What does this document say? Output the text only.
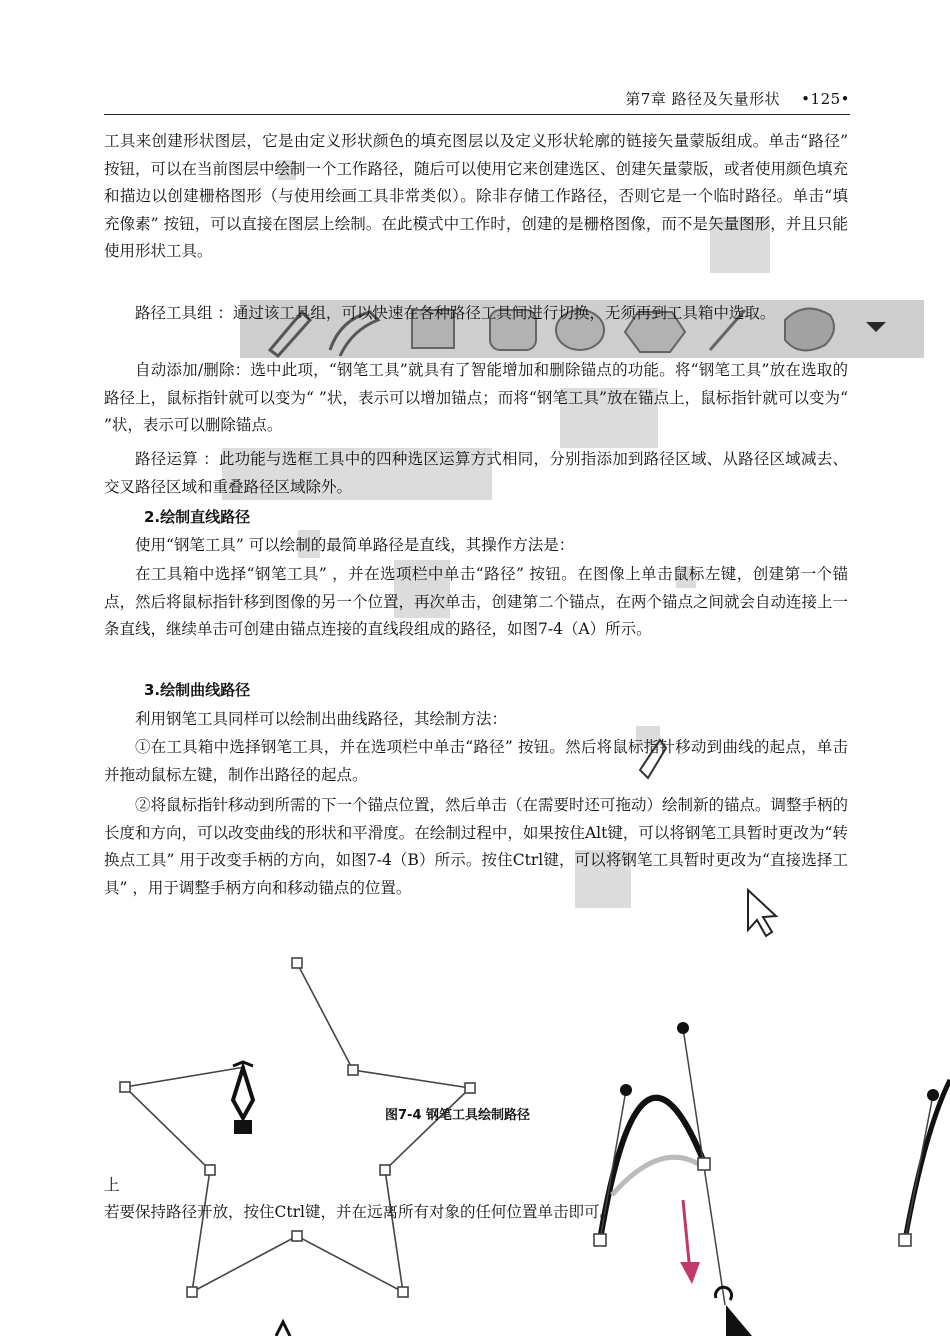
第7章 路径及矢量形状 •125•
工具来创建形状图层，它是由定义形状颜色的填充图层以及定义形状轮廓的链接矢量蒙版组成。单击“路径” 按钮，可以在当前图层中绘制一个工作路径，随后可以使用它来创建选区、创建矢量蒙版，或者使用颜色填充和描边以创建栅格图形（与使用绘画工具非常类似）。除非存储工作路径，否则它是一个临时路径。单击“填充像素” 按钮，可以直接在图层上绘制。在此模式中工作时，创建的是栅格图像，而不是矢量图形，并且只能使用形状工具。
路径工具组 ：通过该工具组，可以快速在各种路径工具间进行切换，无须再到工具箱中选取。
自动添加/删除：选中此项，“钢笔工具”就具有了智能增加和删除锚点的功能。将“钢笔工具”放在选取的路径上，鼠标指针就可以变为“ ”状，表示可以增加锚点；而将“钢笔工具”放在锚点上，鼠标指针就可以变为“ ”状，表示可以删除锚点。
路径运算 ：此功能与选框工具中的四种选区运算方式相同，分别指添加到路径区域、从路径区域减去、交叉路径区域和重叠路径区域除外。
2.绘制直线路径
使用“钢笔工具” 可以绘制的最简单路径是直线，其操作方法是：
在工具箱中选择“钢笔工具” ，并在选项栏中单击“路径” 按钮。在图像上单击鼠标左键，创建第一个锚点，然后将鼠标指针移到图像的另一个位置，再次单击，创建第二个锚点，在两个锚点之间就会自动连接上一条直线，继续单击可创建由锚点连接的直线段组成的路径，如图7-4（A）所示。
3.绘制曲线路径
利用钢笔工具同样可以绘制出曲线路径，其绘制方法：
①在工具箱中选择钢笔工具，并在选项栏中单击“路径” 按钮。然后将鼠标指针移动到曲线的起点，单击并拖动鼠标左键，制作出路径的起点。
②将鼠标指针移动到所需的下一个锚点位置，然后单击（在需要时还可拖动）绘制新的锚点。调整手柄的长度和方向，可以改变曲线的形状和平滑度。在绘制过程中，如果按住Alt键，可以将钢笔工具暂时更改为“转换点工具” 用于改变手柄的方向，如图7-4（B）所示。按住Ctrl键，可以将钢笔工具暂时更改为“直接选择工具” ，用于调整手柄方向和移动锚点的位置。
图7-4 钢笔工具绘制路径
上
若要保持路径开放，按住Ctrl键，并在远离所有对象的任何位置单击即可。
